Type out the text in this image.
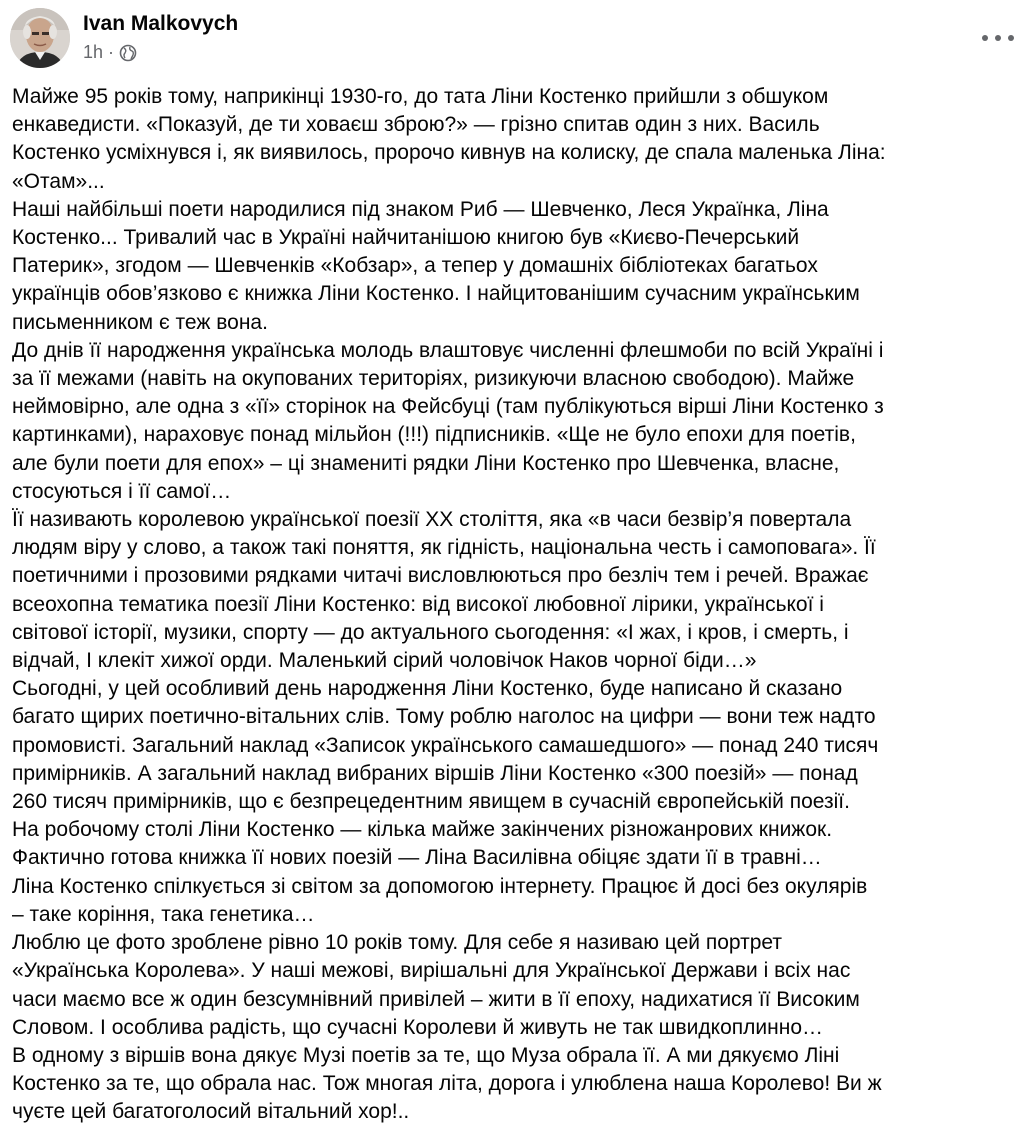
Ivan Malkovych
1h ·

Майже 95 років тому, наприкінці 1930-го, до тата Ліни Костенко прийшли з обшуком
енкаведисти. «Показуй, де ти ховаєш зброю?» — грізно спитав один з них. Василь
Костенко усміхнувся і, як виявилось, пророчо кивнув на колиску, де спала маленька Ліна:
«Отам»...

Наші найбільші поети народилися під знаком Риб — Шевченко, Леся Українка, Ліна
Костенко... Тривалий час в Україні найчитанішою книгою був «Києво-Печерський
Патерик», згодом — Шевченків «Кобзар», а тепер у домашніх бібліотеках багатьох
українців обов’язково є книжка Ліни Костенко. І найцитованішим сучасним українським
письменником є теж вона.

До днів її народження українська молодь влаштовує численні флешмоби по всій Україні і
за її межами (навіть на окупованих територіях, ризикуючи власною свободою). Майже
неймовірно, але одна з «її» сторінок на Фейсбуці (там публікуються вірші Ліни Костенко з
картинками), нараховує понад мільйон (!!!) підписників. «Ще не було епохи для поетів,
але були поети для епох» – ці знамениті рядки Ліни Костенко про Шевченка, власне,
стосуються і її самої…

Її називають королевою української поезії XX століття, яка «в часи безвір’я повертала
людям віру у слово, а також такі поняття, як гідність, національна честь і самоповага». Її
поетичними і прозовими рядками читачі висловлюються про безліч тем і речей. Вражає
всеохопна тематика поезії Ліни Костенко: від високої любовної лірики, української і
світової історії, музики, спорту — до актуального сьогодення: «І жах, і кров, і смерть, і
відчай, І клекіт хижої орди. Маленький сірий чоловічок Наков чорної біди…»

Сьогодні, у цей особливий день народження Ліни Костенко, буде написано й сказано
багато щирих поетично-вітальних слів. Тому роблю наголос на цифри — вони теж надто
промовисті. Загальний наклад «Записок українського самашедшого» — понад 240 тисяч
примірників. А загальний наклад вибраних віршів Ліни Костенко «300 поезій» — понад
260 тисяч примірників, що є безпрецедентним явищем в сучасній європейській поезії.

На робочому столі Ліни Костенко — кілька майже закінчених різножанрових книжок.
Фактично готова книжка її нових поезій — Ліна Василівна обіцяє здати її в травні…

Ліна Костенко спілкується зі світом за допомогою інтернету. Працює й досі без окулярів
– таке коріння, така генетика…

Люблю це фото зроблене рівно 10 років тому. Для себе я називаю цей портрет
«Українська Королева». У наші межові, вирішальні для Української Держави і всіх нас
часи маємо все ж один безсумнівний привілей – жити в її епоху, надихатися її Високим
Словом. І особлива радість, що сучасні Королеви й живуть не так швидкоплинно…

В одному з віршів вона дякує Музі поетів за те, що Муза обрала її. А ми дякуємо Ліні
Костенко за те, що обрала нас. Тож многая літа, дорога і улюблена наша Королево! Ви ж
чуєте цей багатоголосий вітальний хор!..
